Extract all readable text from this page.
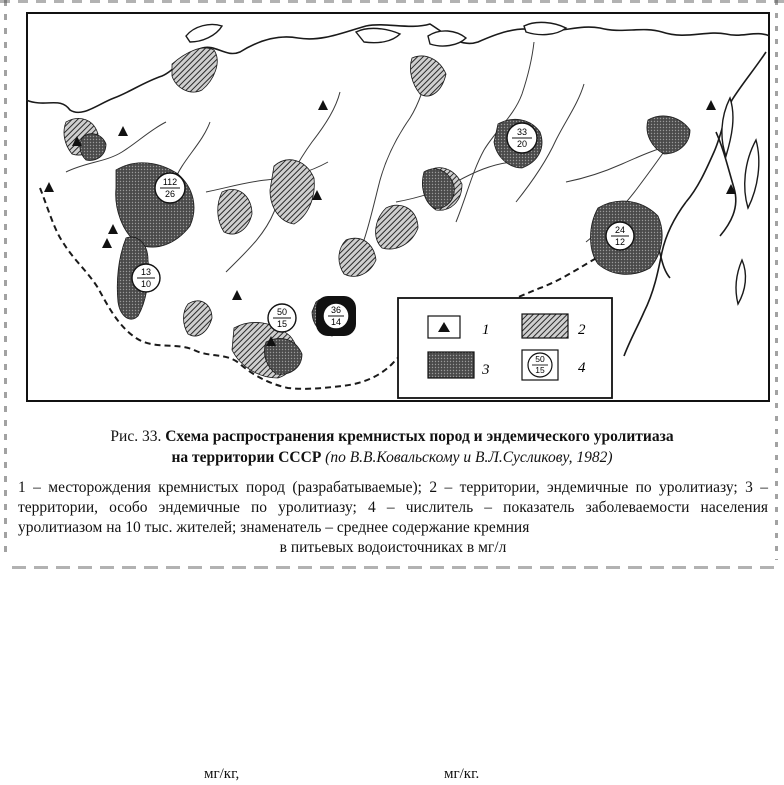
33
20
112
26
13
10
50
15
36
14
24
12
1	2
3
50
15 4
Рис. 33. Схема распространения кремнистых пород и эндемического уролитиаза
на территории СССР (по В.В.Ковальскому и В.Л.Сусликову, 1982)
1 – месторождения кремнистых пород (разрабатываемые); 2 – территории, эндемичные по уролитиазу; 3 – территории, особо эндемичные по уролитиазу; 4 – числитель – показатель заболеваемости населения уролитиазом на 10 тыс. жителей; знаменатель – среднее содержание кремния
в питьевых водоисточниках в мг/л
мг/кг,	мг/кг.
